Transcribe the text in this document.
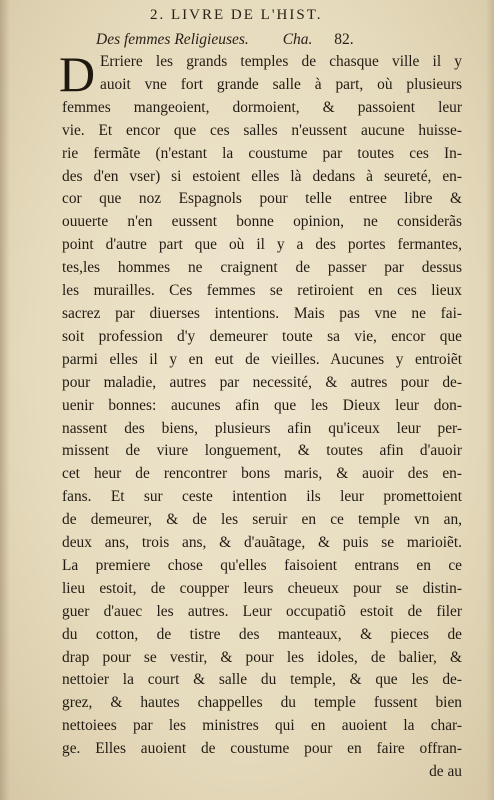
2. LIVRE DE L'HIST.
Des femmes Religieuses. Cha. 82.
D Erriere les grands temples de chasque ville il y
auoit vne fort grande salle à part, où plusieurs
femmes mangeoient, dormoient, & passoient leur
vie. Et encor que ces salles n'eussent aucune huisse-
rie fermãte (n'estant la coustume par toutes ces In-
des d'en vser) si estoient elles là dedans à seureté, en-
cor que noz Espagnols pour telle entree libre &
ouuerte n'en eussent bonne opinion, ne considerãs
point d'autre part que où il y a des portes fermantes,
tes,les hommes ne craignent de passer par dessus
les murailles. Ces femmes se retiroient en ces lieux
sacrez par diuerses intentions. Mais pas vne ne fai-
soit profession d'y demeurer toute sa vie, encor que
parmi elles il y en eut de vieilles. Aucunes y entroiẽt
pour maladie, autres par necessité, & autres pour de-
uenir bonnes: aucunes afin que les Dieux leur don-
nassent des biens, plusieurs afin qu'iceux leur per-
missent de viure longuement, & toutes afin d'auoir
cet heur de rencontrer bons maris, & auoir des en-
fans. Et sur ceste intention ils leur promettoient
de demeurer, & de les seruir en ce temple vn an,
deux ans, trois ans, & d'auãtage, & puis se marioiẽt.
La premiere chose qu'elles faisoient entrans en ce
lieu estoit, de coupper leurs cheueux pour se distin-
guer d'auec les autres. Leur occupatiõ estoit de filer
du cotton, de tistre des manteaux, & pieces de
drap pour se vestir, & pour les idoles, de balier, &
nettoier la court & salle du temple, & que les de-
grez, & hautes chappelles du temple fussent bien
nettoiees par les ministres qui en auoient la char-
ge. Elles auoient de coustume pour en faire offran-
de au
